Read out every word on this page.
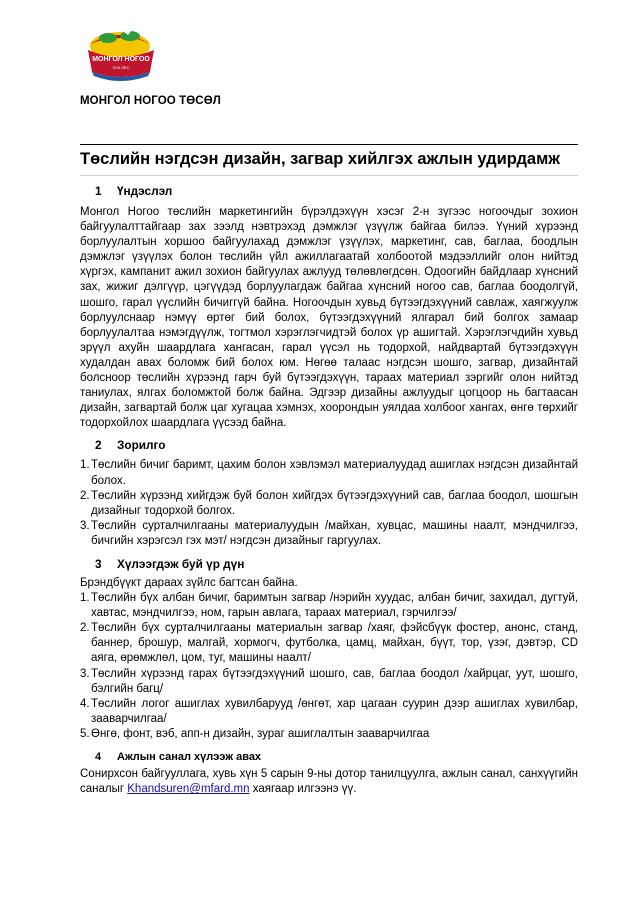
МОНГОЛ НОГОО
ХХК ЛЕС
МОНГОЛ НОГОО ТӨСӨЛ
Төслийн нэгдсэн дизайн, загвар хийлгэх ажлын удирдамж
1 Үндэслэл

Монгол Ногоо төслийн маркетингийн бүрэлдэхүүн хэсэг 2-н зүгээс ногоочдыг зохион байгуулалттайгаар зах зээлд нэвтрэхэд дэмжлэг үзүүлж байгаа билээ. Үүний хүрээнд борлуулалтын хоршоо байгуулахад дэмжлэг үзүүлэх, маркетинг, сав, баглаа, боодлын дэмжлэг үзүүлэх болон төслийн үйл ажиллагаатай холбоотой мэдээллийг олон нийтэд хүргэх, кампанит ажил зохион байгуулах ажлууд төлөвлөгдсөн. Одоогийн байдлаар хүнсний зах, жижиг дэлгүүр, цэгүүдэд борлуулагдаж байгаа хүнсний ногоо сав, баглаа боодолгүй, шошго, гарал үүслийн бичиггүй байна. Ногоочдын хувьд бүтээгдэхүүний савлаж, хаягжуулж борлуулснаар нэмүү өртөг бий болох, бүтээгдэхүүний ялгарал бий болгох замаар борлуулалтаа нэмэгдүүлж, тогтмол хэрэглэгчидтэй болох үр ашигтай. Хэрэглэгчдийн хувьд эрүүл ахуйн шаардлага хангасан, гарал үүсэл нь тодорхой, найдвартай бүтээгдэхүүн худалдан авах боломж бий болох юм. Нөгөө талаас нэгдсэн шошго, загвар, дизайнтай болсноор төслийн хүрээнд гарч буй бүтээгдэхүүн, тараах материал зэргийг олон нийтэд таниулах, ялгах боломжтой болж байна. Эдгээр дизайны ажлуудыг цогцоор нь багтаасан дизайн, загвартай болж цаг хугацаа хэмнэх, хоорондын уялдаа холбоог хангах, өнгө төрхийг тодорхойлох шаардлага үүсээд байна.

2 Зорилго
1. Төслийн бичиг баримт, цахим болон хэвлэмэл материалуудад ашиглах нэгдсэн дизайнтай болох.
2. Төслийн хүрээнд хийгдэж буй болон хийгдэх бүтээгдэхүүний сав, баглаа боодол, шошгын дизайныг тодорхой болгох.
3. Төслийн сурталчилгааны материалуудын /майхан, хувцас, машины наалт, мэндчилгээ, бичгийн хэрэгсэл гэх мэт/ нэгдсэн дизайныг гаргуулах.
3 Хүлээгдэж буй үр дүн

Брэндбүүкт дараах зүйлс багтсан байна.

1. Төслийн бүх албан бичиг, баримтын загвар /нэрийн хуудас, албан бичиг, захидал, дугтуй, хавтас, мэндчилгээ, ном, гарын авлага, тараах материал, гэрчилгээ/
2. Төслийн бүх сурталчилгааны материалын загвар /хаяг, фэйсбүүк фостер, анонс, станд, баннер, брошур, малгай, хормогч, футболка, цамц, майхан, бүүт, тор, үзэг, дэвтэр, CD аяга, өрөмжлөл, цом, туг, машины наалт/
3. Төслийн хүрээнд гарах бүтээгдэхүүний шошго, сав, баглаа боодол /хайрцаг, уут, шошго, бэлгийн багц/
4. Төслийн логог ашиглах хувилбарууд /өнгөт, хар цагаан суурин дээр ашиглах хувилбар, зааварчилгаа/
5. Өнгө, фонт, вэб, апп-н дизайн, зураг ашиглалтын зааварчилгаа
4 Ажлын санал хүлээж авах

Сонирхсон байгууллага, хувь хүн 5 сарын 9-ны дотор танилцуулга, ажлын санал, санхүүгийн саналыг Khandsuren@mfard.mn хаягаар илгээнэ үү.
